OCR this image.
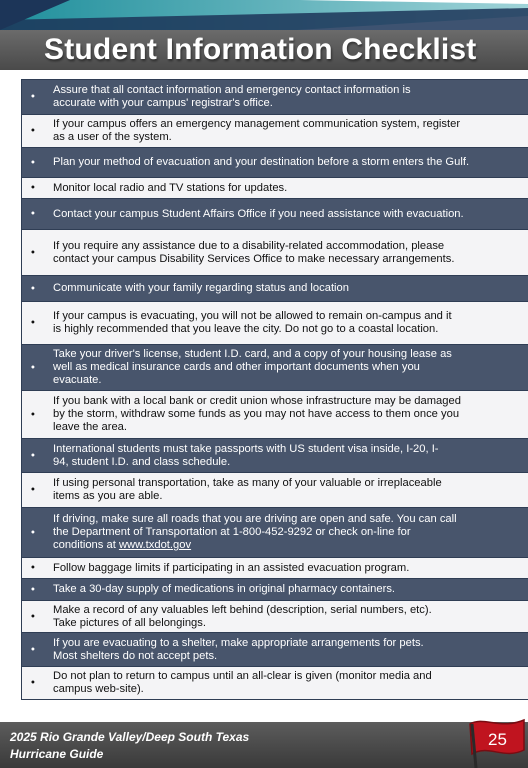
Student Information Checklist
•
Assure that all contact information and emergency contact information is
accurate with your campus' registrar's office.
•
If your campus offers an emergency management communication system, register
as a user of the system.
• Plan your method of evacuation and your destination before a storm enters the Gulf.
• Monitor local radio and TV stations for updates.
• Contact your campus Student Affairs Office if you need assistance with evacuation.
•
If you require any assistance due to a disability-related accommodation, please
contact your campus Disability Services Office to make necessary arrangements.
• Communicate with your family regarding status and location
•
If your campus is evacuating, you will not be allowed to remain on-campus and it
is highly recommended that you leave the city. Do not go to a coastal location.
•
Take your driver's license, student I.D. card, and a copy of your housing lease as
well as medical insurance cards and other important documents when you
evacuate.
•
If you bank with a local bank or credit union whose infrastructure may be damaged
by the storm, withdraw some funds as you may not have access to them once you
leave the area.
•
International students must take passports with US student visa inside, I-20, I-
94, student I.D. and class schedule.
•
If using personal transportation, take as many of your valuable or irreplaceable
items as you are able.
•
If driving, make sure all roads that you are driving are open and safe. You can call
the Department of Transportation at 1-800-452-9292 or check on-line for
conditions at www.txdot.gov
• Follow baggage limits if participating in an assisted evacuation program.
• Take a 30-day supply of medications in original pharmacy containers.
•
Make a record of any valuables left behind (description, serial numbers, etc).
Take pictures of all belongings.
•
If you are evacuating to a shelter, make appropriate arrangements for pets.
Most shelters do not accept pets.
•
Do not plan to return to campus until an all-clear is given (monitor media and
campus web-site).
2025 Rio Grande Valley/Deep South Texas
Hurricane Guide
25
